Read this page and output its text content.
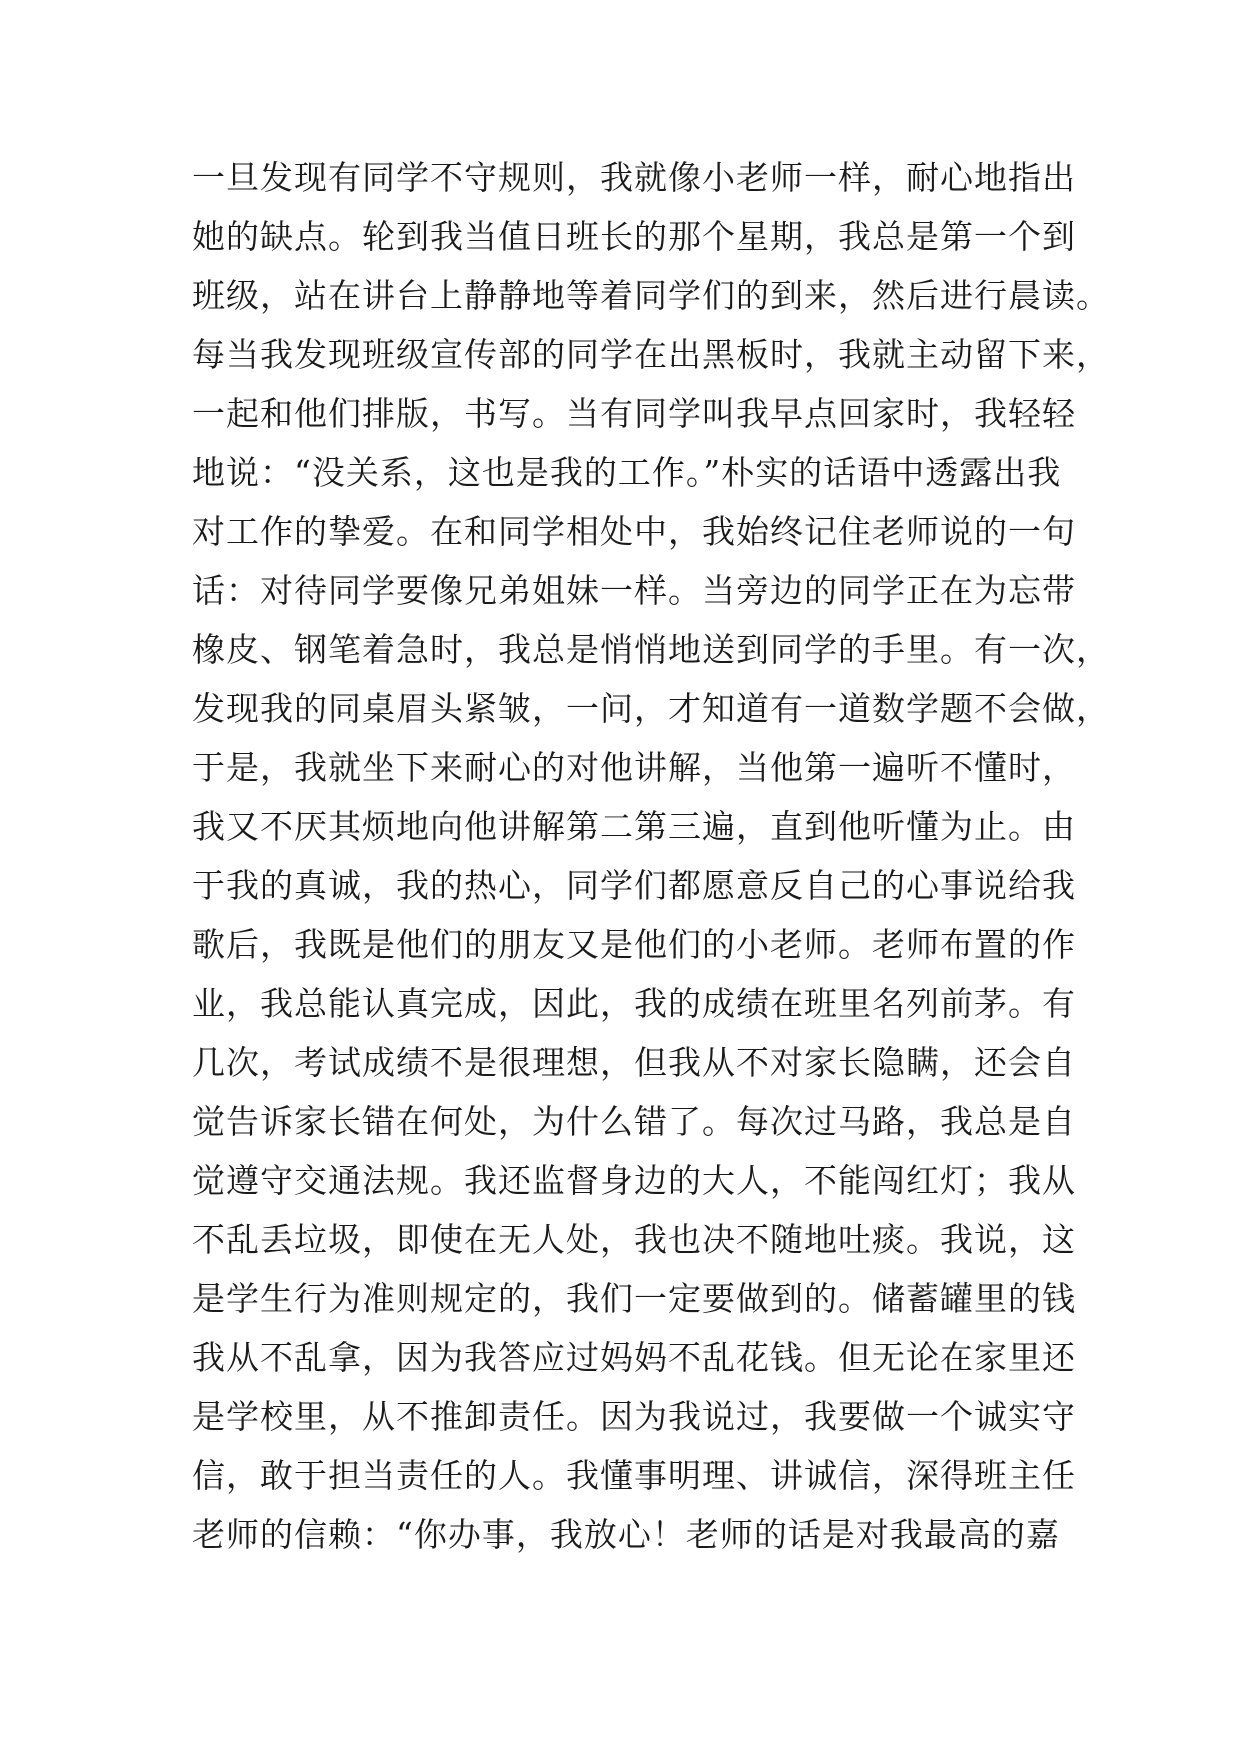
一旦发现有同学不守规则，我就像小老师一样，耐心地指出
她的缺点。轮到我当值日班长的那个星期，我总是第一个到
班级，站在讲台上静静地等着同学们的到来，然后进行晨读。
每当我发现班级宣传部的同学在出黑板时，我就主动留下来，
一起和他们排版，书写。当有同学叫我早点回家时，我轻轻
地说：“没关系，这也是我的工作。”朴实的话语中透露出我
对工作的挚爱。在和同学相处中，我始终记住老师说的一句
话：对待同学要像兄弟姐妹一样。当旁边的同学正在为忘带
橡皮、钢笔着急时，我总是悄悄地送到同学的手里。有一次，
发现我的同桌眉头紧皱，一问，才知道有一道数学题不会做，
于是，我就坐下来耐心的对他讲解，当他第一遍听不懂时，
我又不厌其烦地向他讲解第二第三遍，直到他听懂为止。由
于我的真诚，我的热心，同学们都愿意反自己的心事说给我
歌后，我既是他们的朋友又是他们的小老师。老师布置的作
业，我总能认真完成，因此，我的成绩在班里名列前茅。有
几次，考试成绩不是很理想，但我从不对家长隐瞒，还会自
觉告诉家长错在何处，为什么错了。每次过马路，我总是自
觉遵守交通法规。我还监督身边的大人，不能闯红灯；我从
不乱丢垃圾，即使在无人处，我也决不随地吐痰。我说，这
是学生行为准则规定的，我们一定要做到的。储蓄罐里的钱
我从不乱拿，因为我答应过妈妈不乱花钱。但无论在家里还
是学校里，从不推卸责任。因为我说过，我要做一个诚实守
信，敢于担当责任的人。我懂事明理、讲诚信，深得班主任
老师的信赖：“你办事，我放心！老师的话是对我最高的嘉
